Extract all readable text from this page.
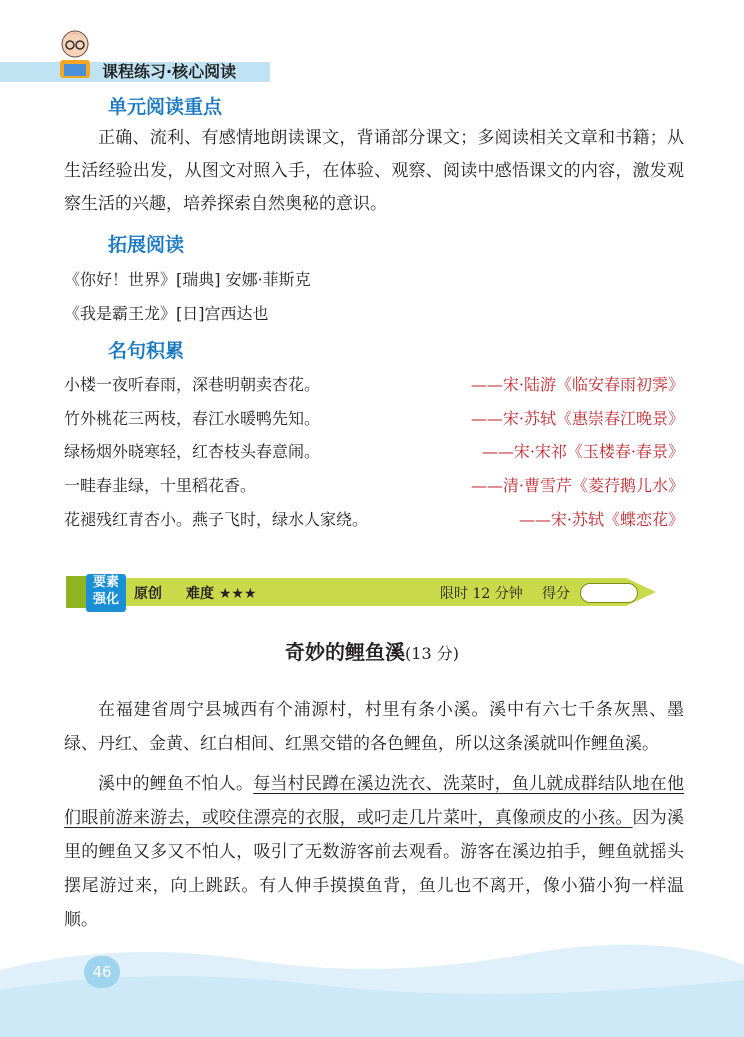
课程练习·核心阅读
单元阅读重点

正确、流利、有感情地朗读课文，背诵部分课文；多阅读相关文章和书籍；从生活经验出发，从图文对照入手，在体验、观察、阅读中感悟课文的内容，激发观察生活的兴趣，培养探索自然奥秘的意识。

拓展阅读
《你好！世界》[瑞典] 安娜·菲斯克
《我是霸王龙》[日]宫西达也
名句积累
小楼一夜听春雨，深巷明朝卖杏花。	——宋·陆游《临安春雨初霁》
竹外桃花三两枝，春江水暖鸭先知。	——宋·苏轼《惠崇春江晚景》
绿杨烟外晓寒轻，红杏枝头春意闹。	——宋·宋祁《玉楼春·春景》
一畦春韭绿，十里稻花香。	——清·曹雪芹《菱荇鹅儿水》
花褪残红青杏小。燕子飞时，绿水人家绕。	——宋·苏轼《蝶恋花》
要素
强化	原创 难度 ★★★	限时 12 分钟 得分
奇妙的鲤鱼溪(13 分)

在福建省周宁县城西有个浦源村，村里有条小溪。溪中有六七千条灰黑、墨绿、丹红、金黄、红白相间、红黑交错的各色鲤鱼，所以这条溪就叫作鲤鱼溪。

溪中的鲤鱼不怕人。每当村民蹲在溪边洗衣、洗菜时，鱼儿就成群结队地在他们眼前游来游去，或咬住漂亮的衣服，或叼走几片菜叶，真像顽皮的小孩。因为溪里的鲤鱼又多又不怕人，吸引了无数游客前去观看。游客在溪边拍手，鲤鱼就摇头摆尾游过来，向上跳跃。有人伸手摸摸鱼背，鱼儿也不离开，像小猫小狗一样温顺。

46
